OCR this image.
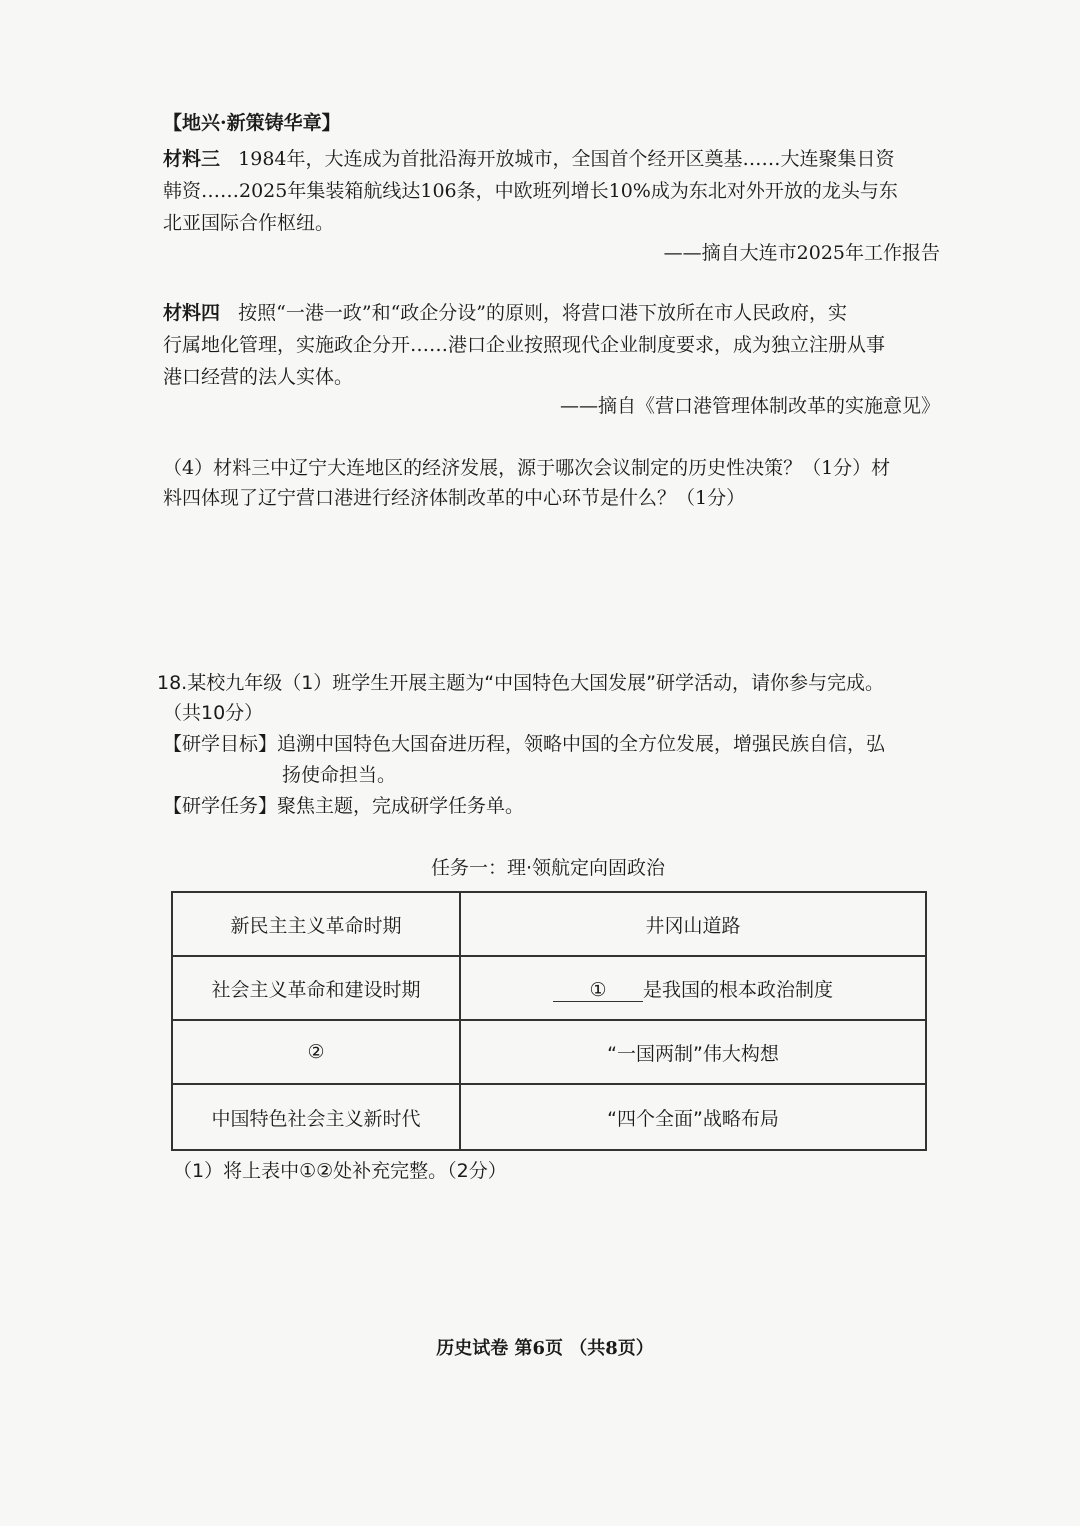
【地兴·新策铸华章】
材料三 1984年，大连成为首批沿海开放城市，全国首个经开区奠基……大连聚集日资
韩资……2025年集装箱航线达106条，中欧班列增长10%成为东北对外开放的龙头与东
北亚国际合作枢纽。
——摘自大连市2025年工作报告
材料四 按照“一港一政”和“政企分设”的原则，将营口港下放所在市人民政府，实
行属地化管理，实施政企分开……港口企业按照现代企业制度要求，成为独立注册从事
港口经营的法人实体。
——摘自《营口港管理体制改革的实施意见》
（4）材料三中辽宁大连地区的经济发展，源于哪次会议制定的历史性决策？（1分）材
料四体现了辽宁营口港进行经济体制改革的中心环节是什么？（1分）
18.某校九年级（1）班学生开展主题为“中国特色大国发展”研学活动，请你参与完成。
（共10分）
【研学目标】追溯中国特色大国奋进历程，领略中国的全方位发展，增强民族自信，弘
扬使命担当。
【研学任务】聚焦主题，完成研学任务单。
任务一：理·领航定向固政治
新民主主义革命时期	井冈山道路
社会主义革命和建设时期	① 是我国的根本政治制度
②	“一国两制”伟大构想
中国特色社会主义新时代	“四个全面”战略布局
（1）将上表中①②处补充完整。（2分）
历史试卷 第6页 （共8页）
